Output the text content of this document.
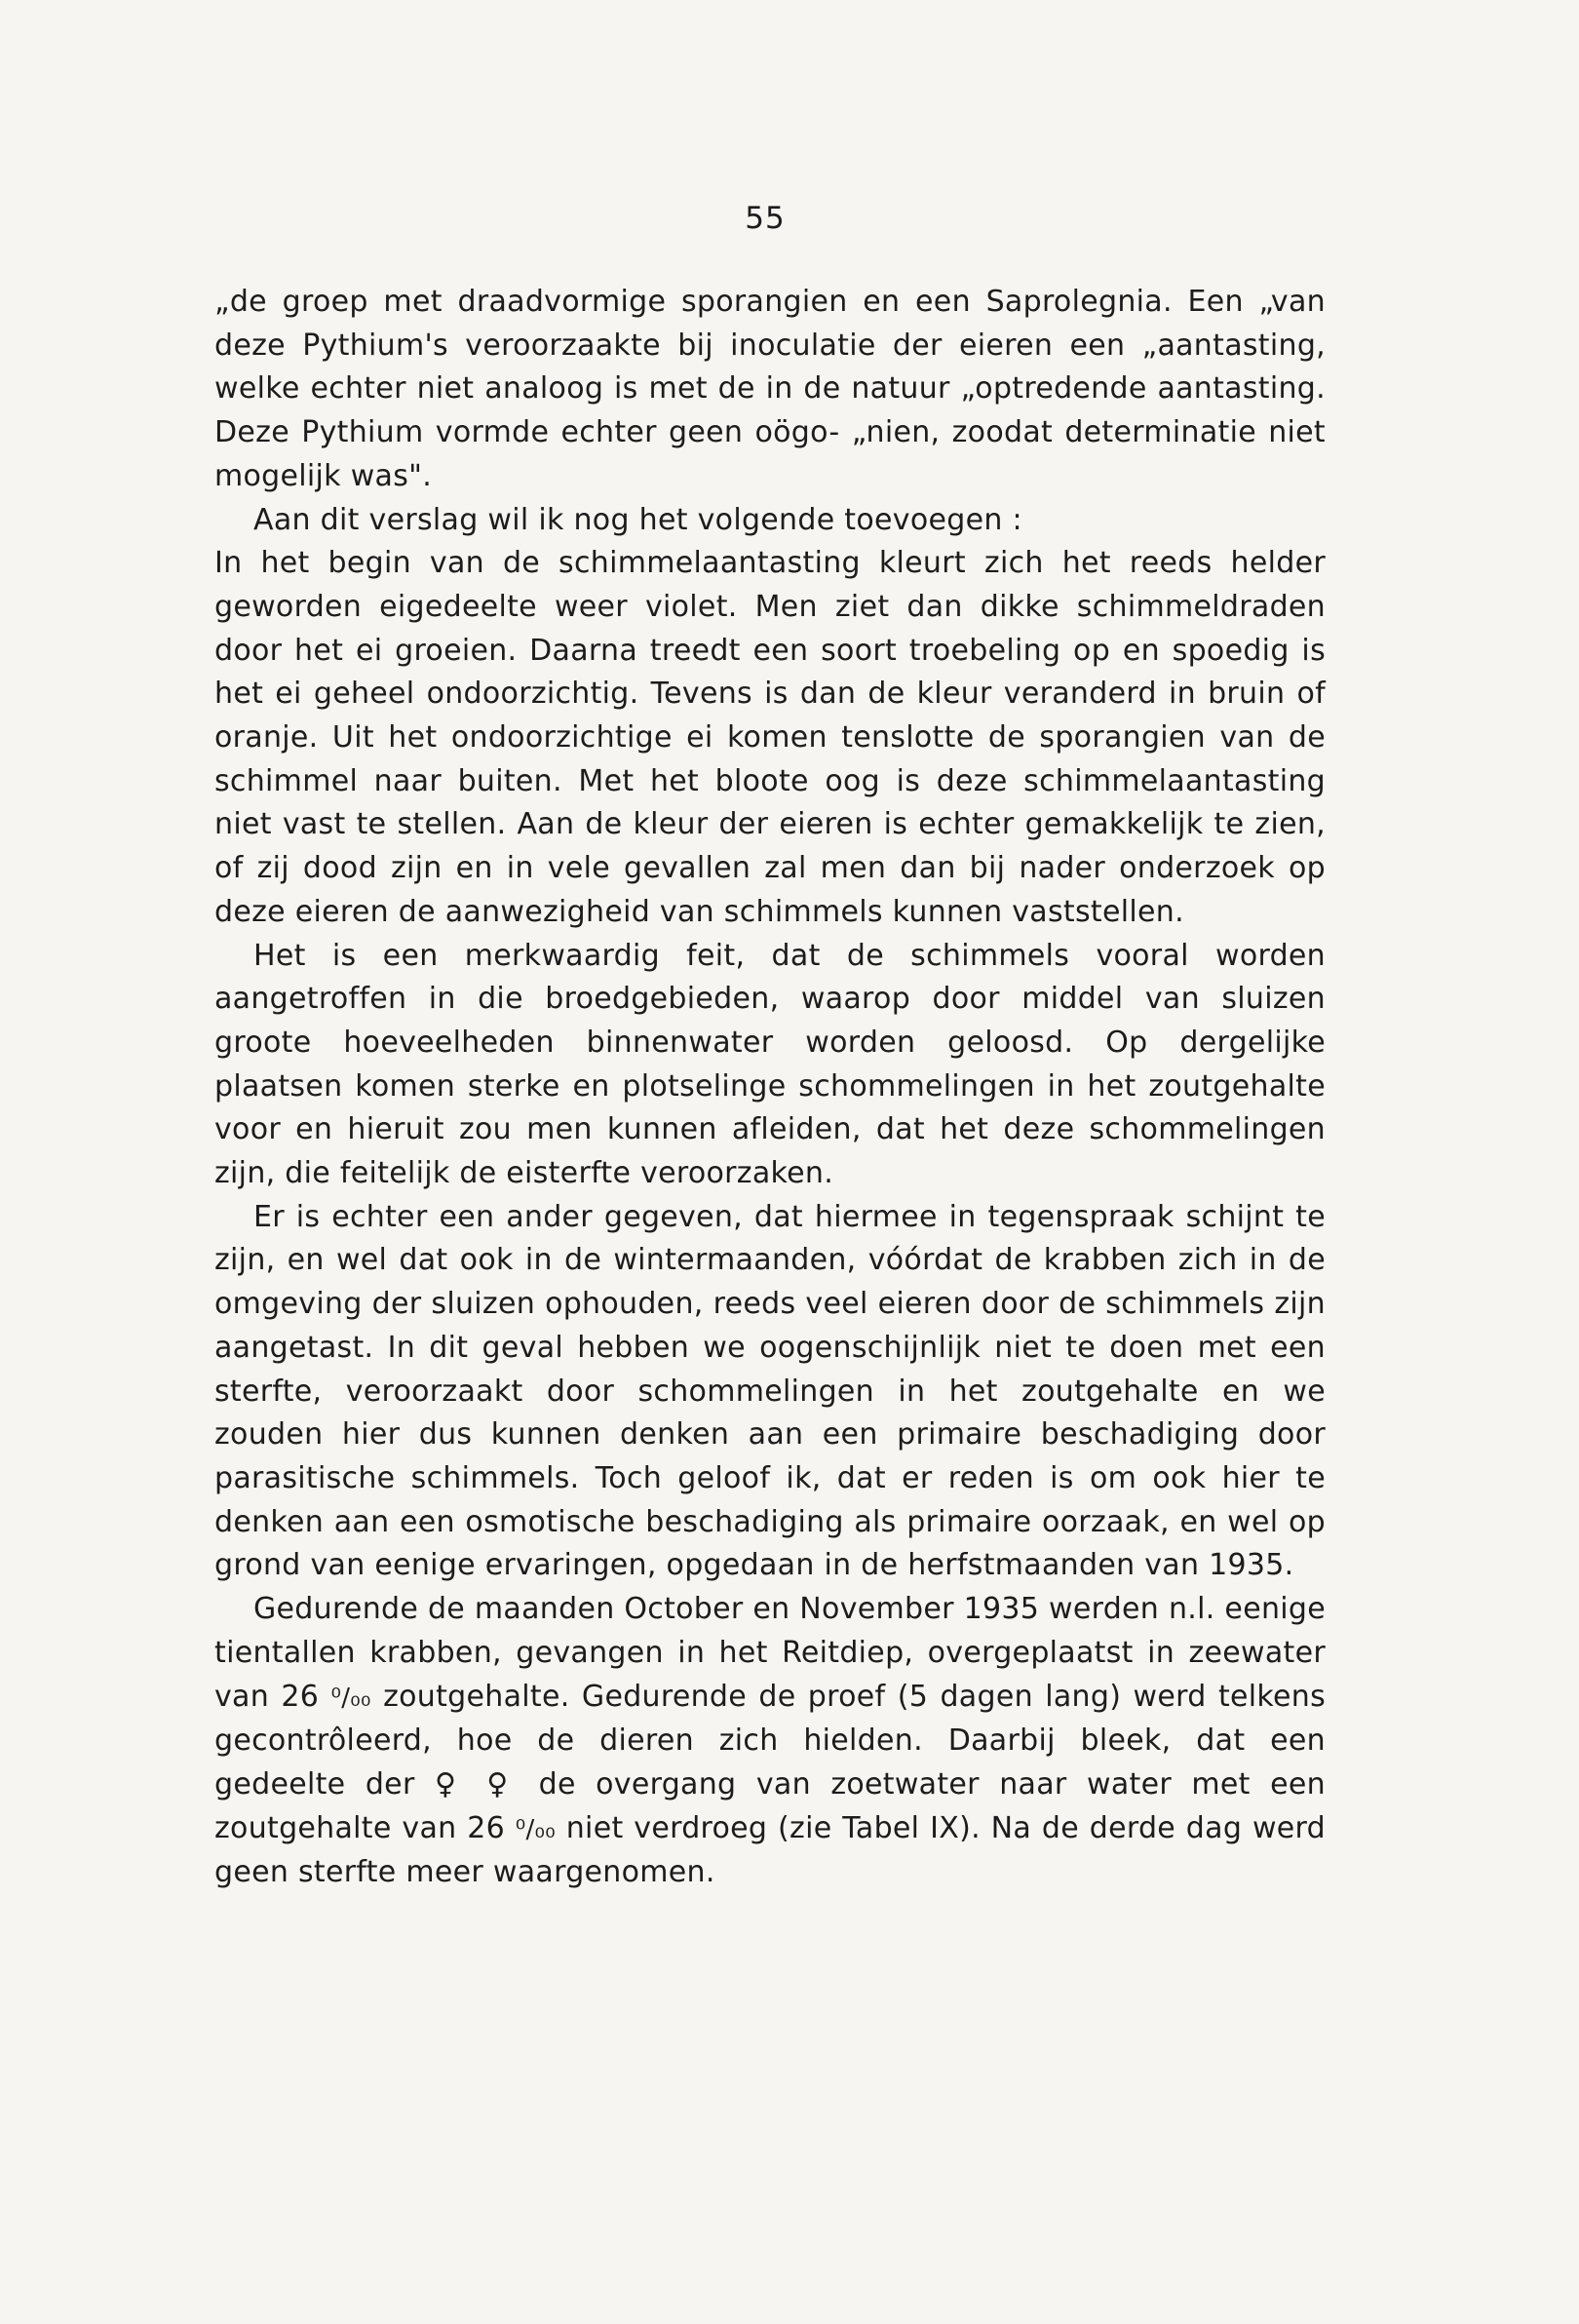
55

„de groep met draadvormige sporangien en een Saprolegnia. Een „van deze Pythium's veroorzaakte bij inoculatie der eieren een „aantasting, welke echter niet analoog is met de in de natuur „optredende aantasting. Deze Pythium vormde echter geen oögo- „nien, zoodat determinatie niet mogelijk was".

Aan dit verslag wil ik nog het volgende toevoegen :

In het begin van de schimmelaantasting kleurt zich het reeds helder geworden eigedeelte weer violet. Men ziet dan dikke schimmeldraden door het ei groeien. Daarna treedt een soort troebeling op en spoedig is het ei geheel ondoorzichtig. Tevens is dan de kleur veranderd in bruin of oranje. Uit het ondoorzichtige ei komen tenslotte de sporangien van de schimmel naar buiten. Met het bloote oog is deze schimmelaantasting niet vast te stellen. Aan de kleur der eieren is echter gemakkelijk te zien, of zij dood zijn en in vele gevallen zal men dan bij nader onderzoek op deze eieren de aanwezigheid van schimmels kunnen vaststellen.

Het is een merkwaardig feit, dat de schimmels vooral worden aangetroffen in die broedgebieden, waarop door middel van sluizen groote hoeveelheden binnenwater worden geloosd. Op dergelijke plaatsen komen sterke en plotselinge schommelingen in het zoutgehalte voor en hieruit zou men kunnen afleiden, dat het deze schommelingen zijn, die feitelijk de eisterfte veroorzaken.

Er is echter een ander gegeven, dat hiermee in tegenspraak schijnt te zijn, en wel dat ook in de wintermaanden, vóórdat de krabben zich in de omgeving der sluizen ophouden, reeds veel eieren door de schimmels zijn aangetast. In dit geval hebben we oogenschijnlijk niet te doen met een sterfte, veroorzaakt door schommelingen in het zoutgehalte en we zouden hier dus kunnen denken aan een primaire beschadiging door parasitische schimmels. Toch geloof ik, dat er reden is om ook hier te denken aan een osmotische beschadiging als primaire oorzaak, en wel op grond van eenige ervaringen, opgedaan in de herfstmaanden van 1935.

Gedurende de maanden October en November 1935 werden n.l. eenige tientallen krabben, gevangen in het Reitdiep, overgeplaatst in zeewater van 26 ⁰/₀₀ zoutgehalte. Gedurende de proef (5 dagen lang) werd telkens gecontrôleerd, hoe de dieren zich hielden. Daarbij bleek, dat een gedeelte der ♀ ♀ de overgang van zoetwater naar water met een zoutgehalte van 26 ⁰/₀₀ niet verdroeg (zie Tabel IX). Na de derde dag werd geen sterfte meer waargenomen.
